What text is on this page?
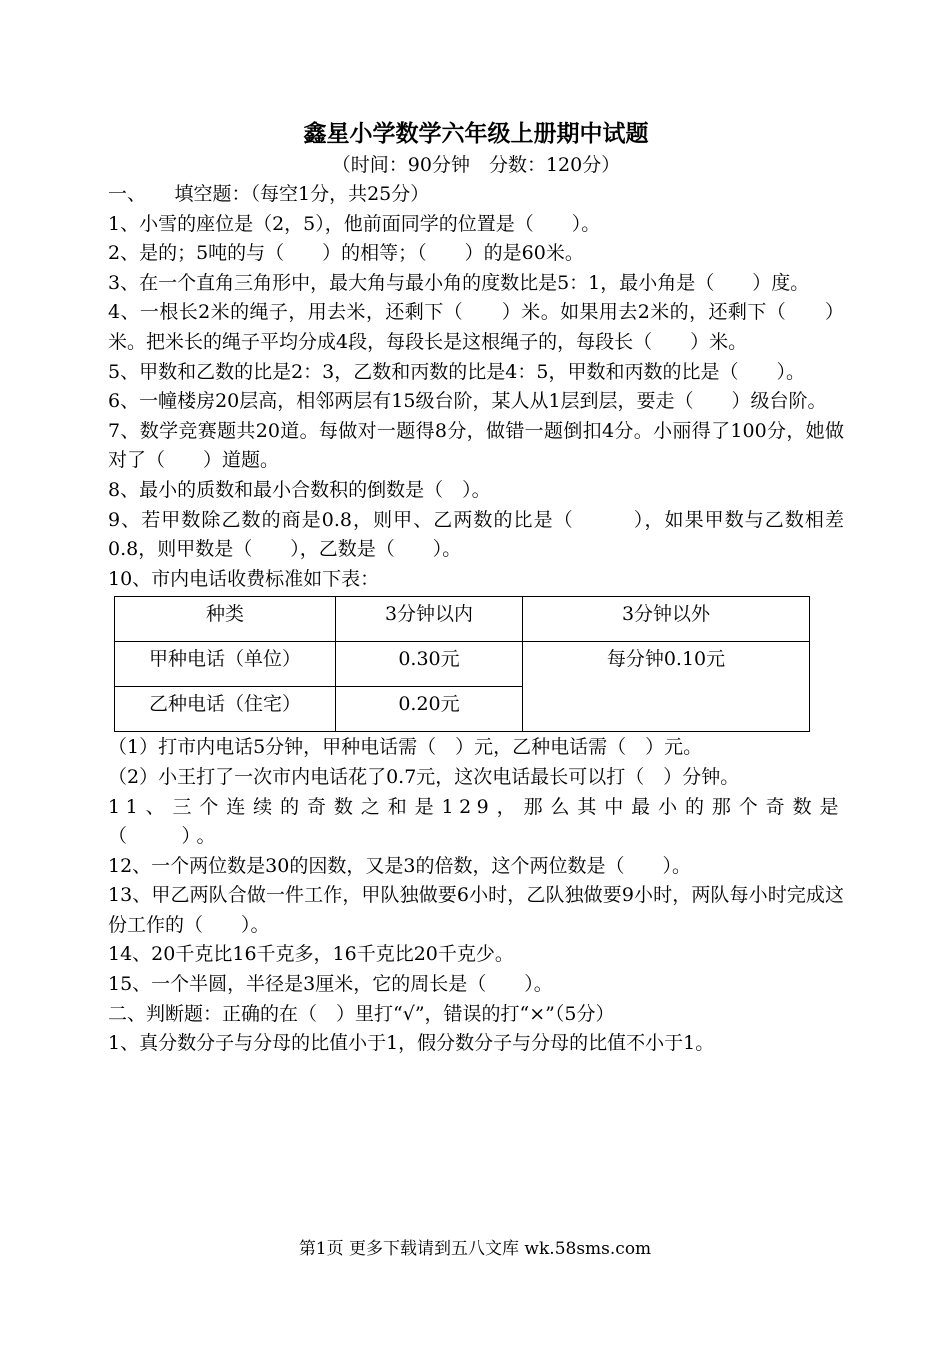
鑫星小学数学六年级上册期中试题
（时间：90分钟　分数：120分）
一、　　填空题：（每空1分，共25分）
1、小雪的座位是（2，5），他前面同学的位置是（　　）。
2、是的；5吨的与（　　）的相等；（　　）的是60米。
3、在一个直角三角形中，最大角与最小角的度数比是5：1，最小角是（　　）度。
4、一根长2米的绳子，用去米，还剩下（　　）米。如果用去2米的，还剩下（　　）米。把米长的绳子平均分成4段，每段长是这根绳子的，每段长（　　）米。
5、甲数和乙数的比是2：3，乙数和丙数的比是4：5，甲数和丙数的比是（　　）。
6、一幢楼房20层高，相邻两层有15级台阶，某人从1层到层，要走（　　）级台阶。
7、数学竞赛题共20道。每做对一题得8分，做错一题倒扣4分。小丽得了100分，她做对了（　　）道题。
8、最小的质数和最小合数积的倒数是（　）。
9、若甲数除乙数的商是0.8，则甲、乙两数的比是（　　　），如果甲数与乙数相差0.8，则甲数是（　　），乙数是（　　）。
10、市内电话收费标准如下表：
种类	3分钟以内	3分钟以外
甲种电话（单位）	0.30元	每分钟0.10元
乙种电话（住宅）	0.20元	
（1）打市内电话5分钟，甲种电话需（　）元，乙种电话需（　）元。
（2）小王打了一次市内电话花了0.7元，这次电话最长可以打（　）分钟。
11、三个连续的奇数之和是129，那么其中最小的那个奇数是（　　）。
12、一个两位数是30的因数，又是3的倍数，这个两位数是（　　）。
13、甲乙两队合做一件工作，甲队独做要6小时，乙队独做要9小时，两队每小时完成这份工作的（　　）。
14、20千克比16千克多，16千克比20千克少。
15、一个半圆，半径是3厘米，它的周长是（　　）。
二、判断题：正确的在（　）里打“√”，错误的打“×”（5分）
1、真分数分子与分母的比值小于1，假分数分子与分母的比值不小于1。
第1页 更多下载请到五八文库 wk.58sms.com
